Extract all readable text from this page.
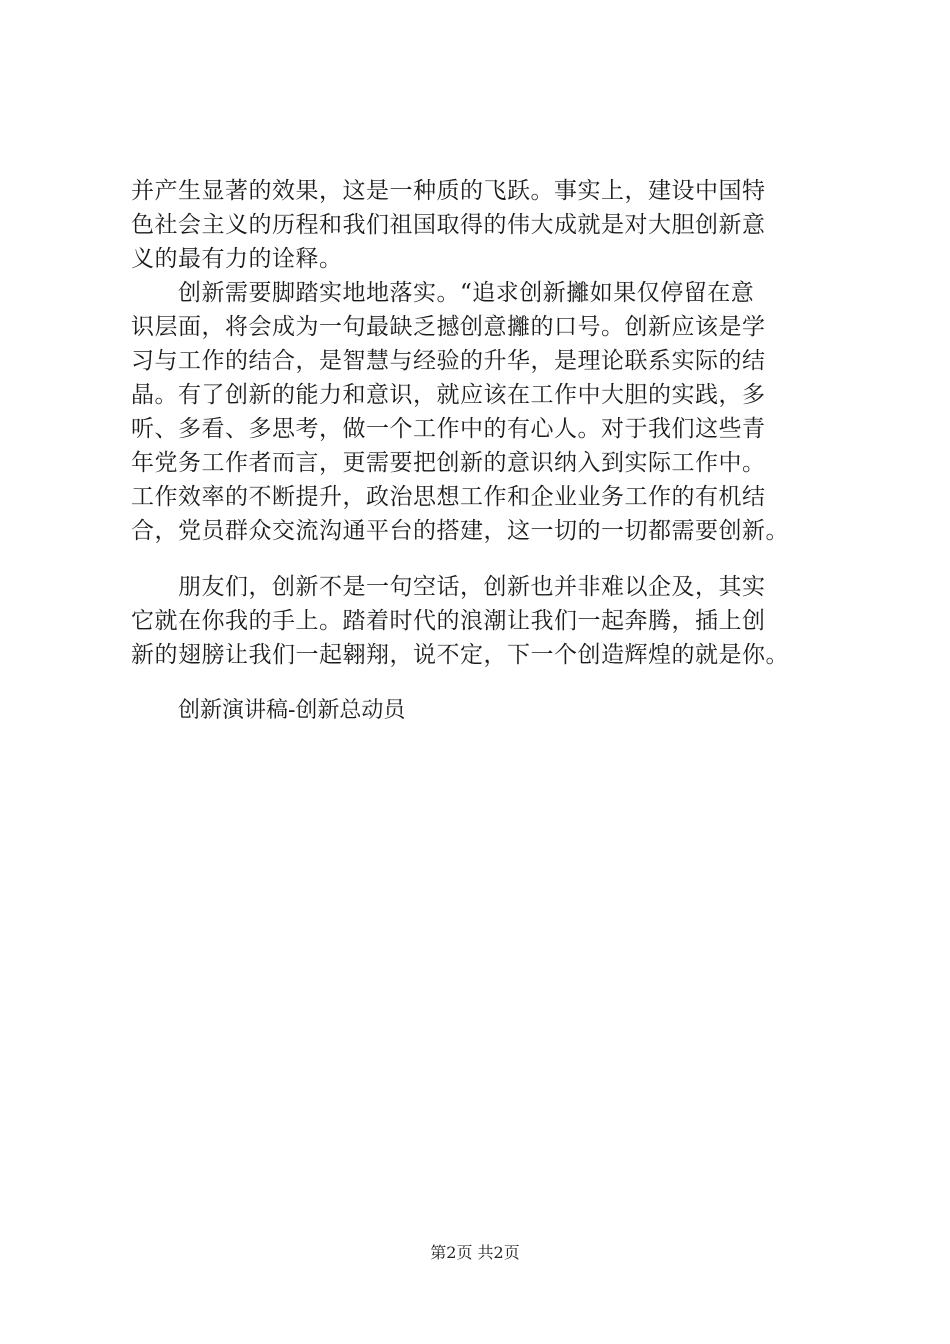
并产生显著的效果，这是一种质的飞跃。事实上，建设中国特
色社会主义的历程和我们祖国取得的伟大成就是对大胆创新意
义的最有力的诠释。
创新需要脚踏实地地落实。“追求创新攡如果仅停留在意
识层面，将会成为一句最缺乏撼创意攡的口号。创新应该是学
习与工作的结合，是智慧与经验的升华，是理论联系实际的结
晶。有了创新的能力和意识，就应该在工作中大胆的实践，多
听、多看、多思考，做一个工作中的有心人。对于我们这些青
年党务工作者而言，更需要把创新的意识纳入到实际工作中。
工作效率的不断提升，政治思想工作和企业业务工作的有机结
合，党员群众交流沟通平台的搭建，这一切的一切都需要创新。
朋友们，创新不是一句空话，创新也并非难以企及，其实
它就在你我的手上。踏着时代的浪潮让我们一起奔腾，插上创
新的翅膀让我们一起翱翔，说不定，下一个创造辉煌的就是你。
创新演讲稿-创新总动员
第2页 共2页
